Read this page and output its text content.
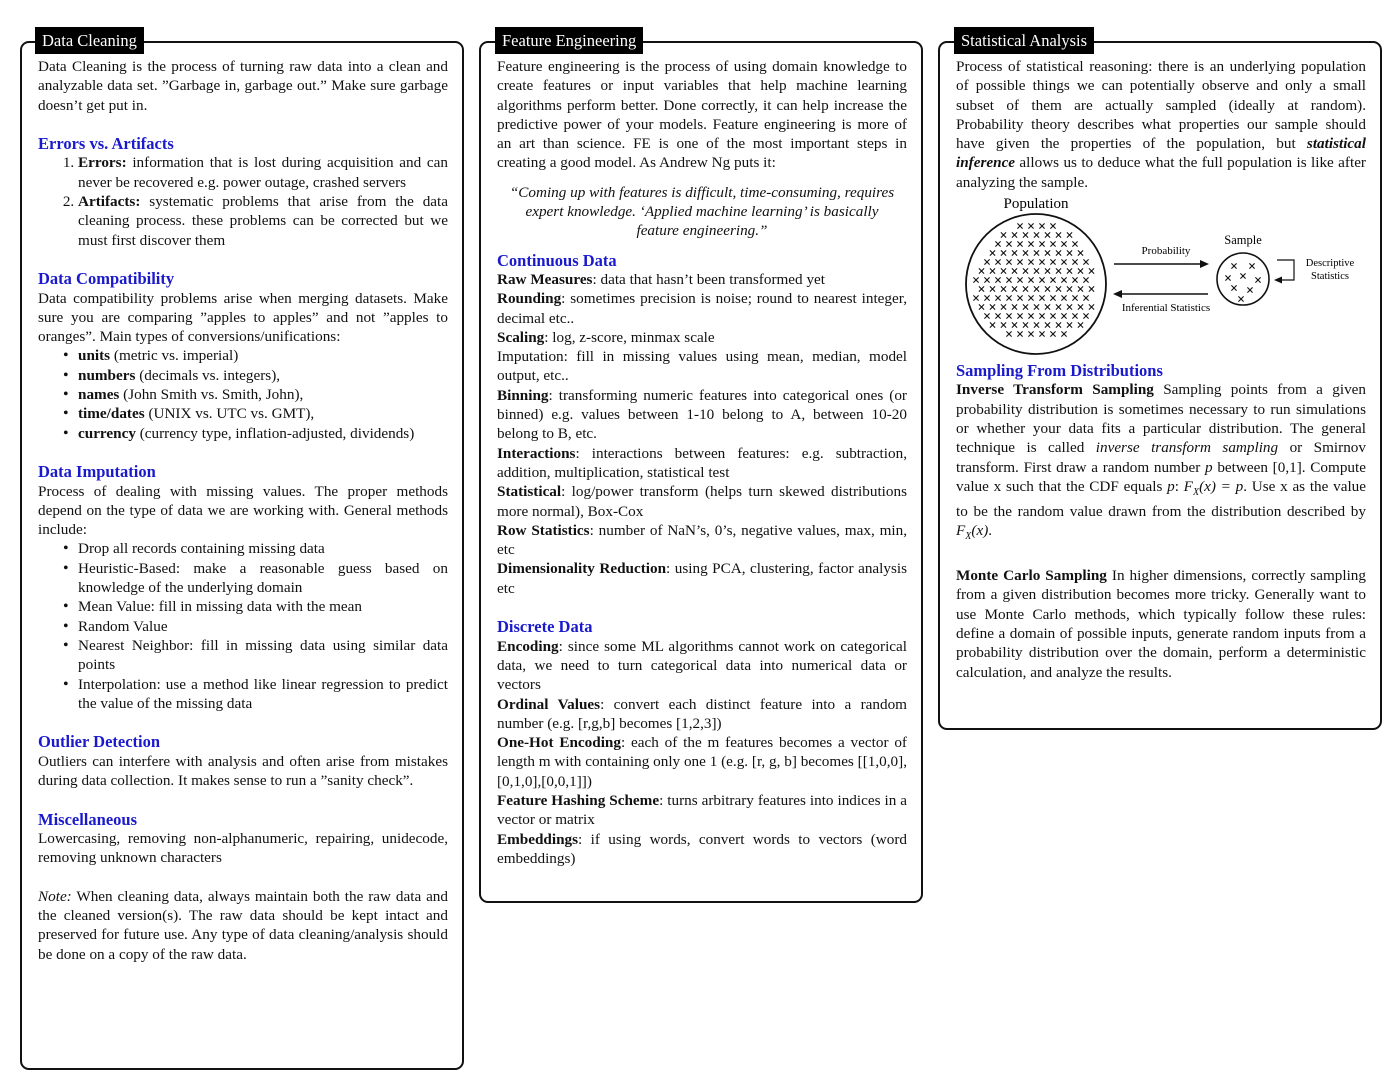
Data Cleaning is the process of turning raw data into a clean and analyzable data set. ”Garbage in, garbage out.” Make sure garbage doesn’t get put in.

Errors vs. Artifacts
1. Errors: information that is lost during acquisition and can never be recovered e.g. power outage, crashed servers
2. Artifacts: systematic problems that arise from the data cleaning process. these problems can be corrected but we must first discover them
Data Compatibility

Data compatibility problems arise when merging datasets. Make sure you are comparing ”apples to apples” and not ”apples to oranges”. Main types of conversions/unifications:

• units (metric vs. imperial)
• numbers (decimals vs. integers),
• names (John Smith vs. Smith, John),
• time/dates (UNIX vs. UTC vs. GMT),
• currency (currency type, inflation-adjusted, dividends)
Data Imputation

Process of dealing with missing values. The proper methods depend on the type of data we are working with. General methods include:

• Drop all records containing missing data
• Heuristic-Based: make a reasonable guess based on knowledge of the underlying domain
• Mean Value: fill in missing data with the mean
• Random Value
• Nearest Neighbor: fill in missing data using similar data points
• Interpolation: use a method like linear regression to predict the value of the missing data
Outlier Detection

Outliers can interfere with analysis and often arise from mistakes during data collection. It makes sense to run a ”sanity check”.

Miscellaneous

Lowercasing, removing non-alphanumeric, repairing, unidecode, removing unknown characters

Note: When cleaning data, always maintain both the raw data and the cleaned version(s). The raw data should be kept intact and preserved for future use. Any type of data cleaning/analysis should be done on a copy of the raw data.

Data Cleaning

Feature engineering is the process of using domain knowledge to create features or input variables that help machine learning algorithms perform better. Done correctly, it can help increase the predictive power of your models. Feature engineering is more of an art than science. FE is one of the most important steps in creating a good model. As Andrew Ng puts it:

“Coming up with features is difficult, time-consuming, requires expert knowledge. ‘Applied machine learning’ is basically feature engineering.”

Continuous Data

Raw Measures: data that hasn’t been transformed yet

Rounding: sometimes precision is noise; round to nearest integer, decimal etc..

Scaling: log, z-score, minmax scale

Imputation: fill in missing values using mean, median, model output, etc..

Binning: transforming numeric features into categorical ones (or binned) e.g. values between 1-10 belong to A, between 10-20 belong to B, etc.

Interactions: interactions between features: e.g. subtraction, addition, multiplication, statistical test

Statistical: log/power transform (helps turn skewed distributions more normal), Box-Cox

Row Statistics: number of NaN’s, 0’s, negative values, max, min, etc

Dimensionality Reduction: using PCA, clustering, factor analysis etc

Discrete Data

Encoding: since some ML algorithms cannot work on categorical data, we need to turn categorical data into numerical data or vectors

Ordinal Values: convert each distinct feature into a random number (e.g. [r,g,b] becomes [1,2,3])

One-Hot Encoding: each of the m features becomes a vector of length m with containing only one 1 (e.g. [r, g, b] becomes [[1,0,0],[0,1,0],[0,0,1]])

Feature Hashing Scheme: turns arbitrary features into indices in a vector or matrix

Embeddings: if using words, convert words to vectors (word embeddings)

Feature Engineering

Process of statistical reasoning: there is an underlying population of possible things we can potentially observe and only a small subset of them are actually sampled (ideally at random). Probability theory describes what properties our sample should have given the properties of the population, but statistical inference allows us to deduce what the full population is like after analyzing the sample.

Population
Probability
Inferential Statistics
Sample
Descriptive
Statistics
Sampling From Distributions

Inverse Transform Sampling Sampling points from a given probability distribution is sometimes necessary to run simulations or whether your data fits a particular distribution. The general technique is called inverse transform sampling or Smirnov transform. First draw a random number p between [0,1]. Compute value x such that the CDF equals p: $F_X(x) = p$. Use x as the value to be the random value drawn from the distribution described by $F_X(x)$.

Monte Carlo Sampling In higher dimensions, correctly sampling from a given distribution becomes more tricky. Generally want to use Monte Carlo methods, which typically follow these rules: define a domain of possible inputs, generate random inputs from a probability distribution over the domain, perform a deterministic calculation, and analyze the results.

Statistical Analysis
